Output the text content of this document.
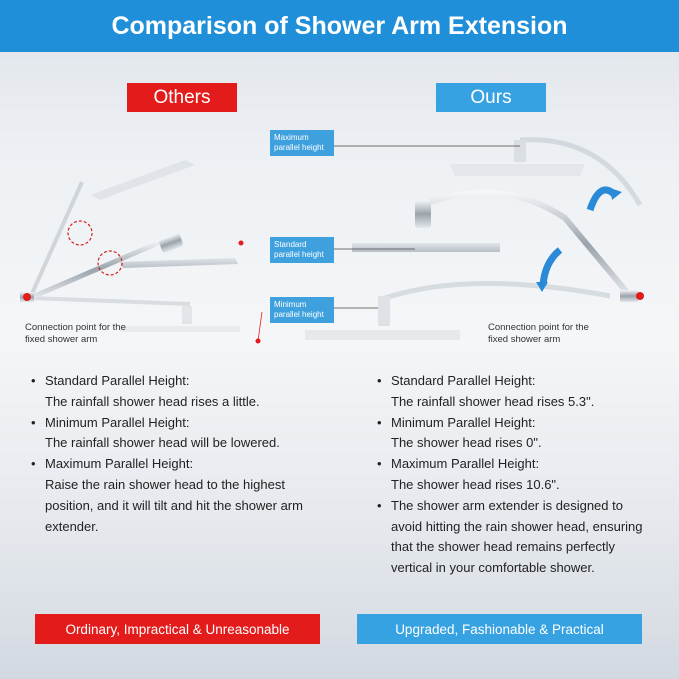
Comparison of Shower Arm Extension
Others	Ours
Maximum parallel height
Standard parallel height
Minimum parallel height
Connection point for the fixed shower arm
Connection point for the fixed shower arm
• Standard Parallel Height:
The rainfall shower head rises a little.
• Minimum Parallel Height:
The rainfall shower head will be lowered.
• Maximum Parallel Height:
Raise the rain shower head to the highest position, and it will tilt and hit the shower arm extender.
• Standard Parallel Height:
The rainfall shower head rises 5.3".
• Minimum Parallel Height:
The shower head rises 0".
• Maximum Parallel Height:
The shower head rises 10.6".
• The shower arm extender is designed to avoid hitting the rain shower head, ensuring that the shower head remains perfectly vertical in your comfortable shower.
Ordinary, Impractical & Unreasonable	Upgraded, Fashionable & Practical
